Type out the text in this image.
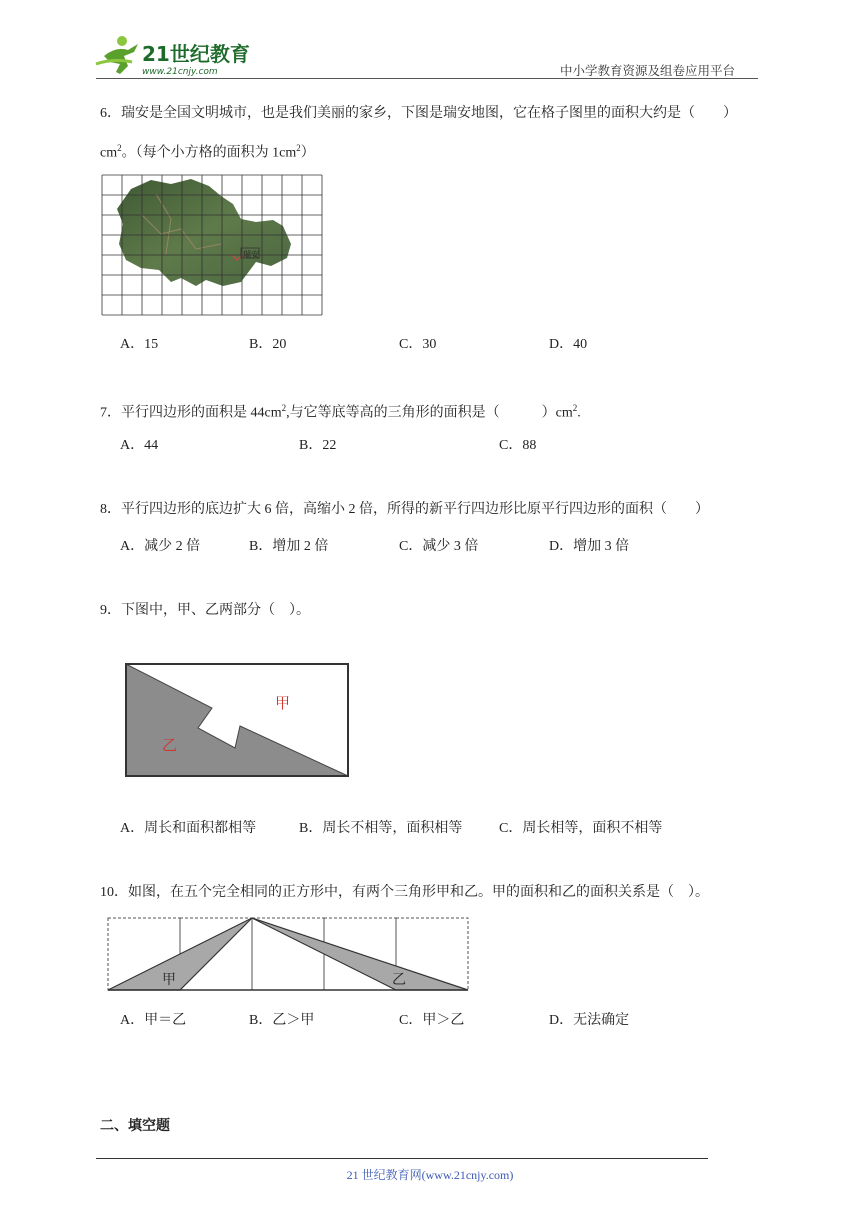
21世纪教育
www.21cnjy.com	中小学教育资源及组卷应用平台
6．瑞安是全国文明城市，也是我们美丽的家乡，下图是瑞安地图，它在格子图里的面积大约是（　　）
$cm^2$。（每个小方格的面积为 $1cm^2$）
瑞安
A．15	B．20	C．30	D．40
7．平行四边形的面积是 $44cm^2$,与它等底等高的三角形的面积是（　　　）$cm^2$.
A．44	B．22	C．88
8．平行四边形的底边扩大 6 倍，高缩小 2 倍，所得的新平行四边形比原平行四边形的面积（　　）
A．减少 2 倍	B．增加 2 倍	C．减少 3 倍	D．增加 3 倍
9．下图中，甲、乙两部分（　）。
甲
乙
A．周长和面积都相等	B．周长不相等，面积相等	C．周长相等，面积不相等
10．如图，在五个完全相同的正方形中，有两个三角形甲和乙。甲的面积和乙的面积关系是（　）。
甲	乙
A．甲＝乙	B．乙＞甲	C．甲＞乙	D．无法确定
二、填空题
21 世纪教育网(www.21cnjy.com)
